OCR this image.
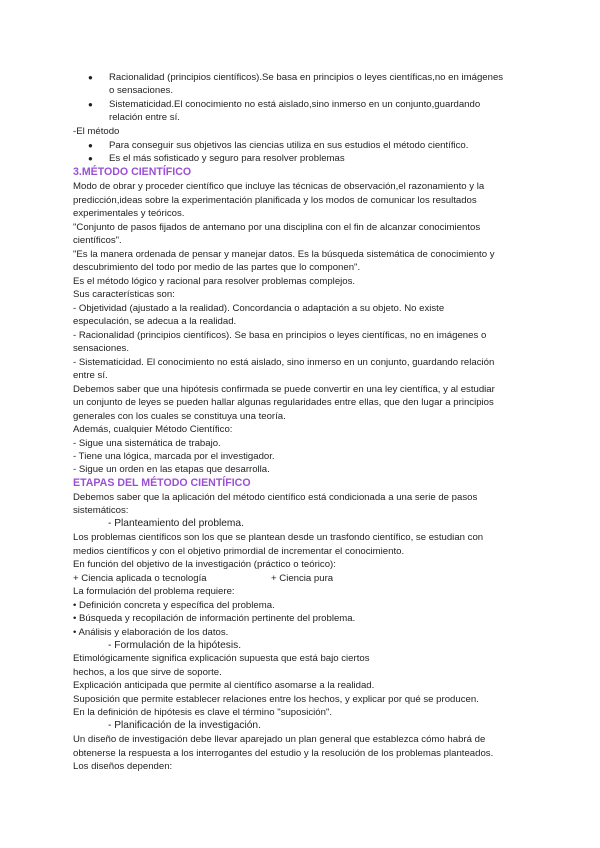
● Racionalidad (principios científicos).Se basa en principios o leyes científicas,no en imágenes
o sensaciones.
● Sistematicidad.El conocimiento no está aislado,sino inmerso en un conjunto,guardando
relación entre sí.
-El método
● Para conseguir sus objetivos las ciencias utiliza en sus estudios el método científico.
● Es el más sofisticado y seguro para resolver problemas
3.MÉTODO CIENTÍFICO
Modo de obrar y proceder científico que incluye las técnicas de observación,el razonamiento y la
predicción,ideas sobre la experimentación planificada y los modos de comunicar los resultados
experimentales y teóricos.
"Conjunto de pasos fijados de antemano por una disciplina con el fin de alcanzar conocimientos
científicos".
"Es la manera ordenada de pensar y manejar datos. Es la búsqueda sistemática de conocimiento y
descubrimiento del todo por medio de las partes que lo componen".
Es el método lógico y racional para resolver problemas complejos.
Sus características son:
- Objetividad (ajustado a la realidad). Concordancia o adaptación a su objeto. No existe
especulación, se adecua a la realidad.
- Racionalidad (principios científicos). Se basa en principios o leyes científicas, no en imágenes o
sensaciones.
- Sistematicidad. El conocimiento no está aislado, sino inmerso en un conjunto, guardando relación
entre sí.
Debemos saber que una hipótesis confirmada se puede convertir en una ley científica, y al estudiar
un conjunto de leyes se pueden hallar algunas regularidades entre ellas, que den lugar a principios
generales con los cuales se constituya una teoría.
Además, cualquier Método Científico:
- Sigue una sistemática de trabajo.
- Tiene una lógica, marcada por el investigador.
- Sigue un orden en las etapas que desarrolla.
ETAPAS DEL MÉTODO CIENTÍFICO
Debemos saber que la aplicación del método científico está condicionada a una serie de pasos
sistemáticos:
- Planteamiento del problema.
Los problemas científicos son los que se plantean desde un trasfondo científico, se estudian con
medios científicos y con el objetivo primordial de incrementar el conocimiento.
En función del objetivo de la investigación (práctico o teórico):
+ Ciencia aplicada o tecnología	+ Ciencia pura
La formulación del problema requiere:
• Definición concreta y específica del problema.
• Búsqueda y recopilación de información pertinente del problema.
• Análisis y elaboración de los datos.
- Formulación de la hipótesis.
Etimológicamente significa explicación supuesta que está bajo ciertos
hechos, a los que sirve de soporte.
Explicación anticipada que permite al científico asomarse a la realidad.
Suposición que permite establecer relaciones entre los hechos, y explicar por qué se producen.
En la definición de hipótesis es clave el término "suposición".
- Planificación de la investigación.
Un diseño de investigación debe llevar aparejado un plan general que establezca cómo habrá de
obtenerse la respuesta a los interrogantes del estudio y la resolución de los problemas planteados.
Los diseños dependen:
